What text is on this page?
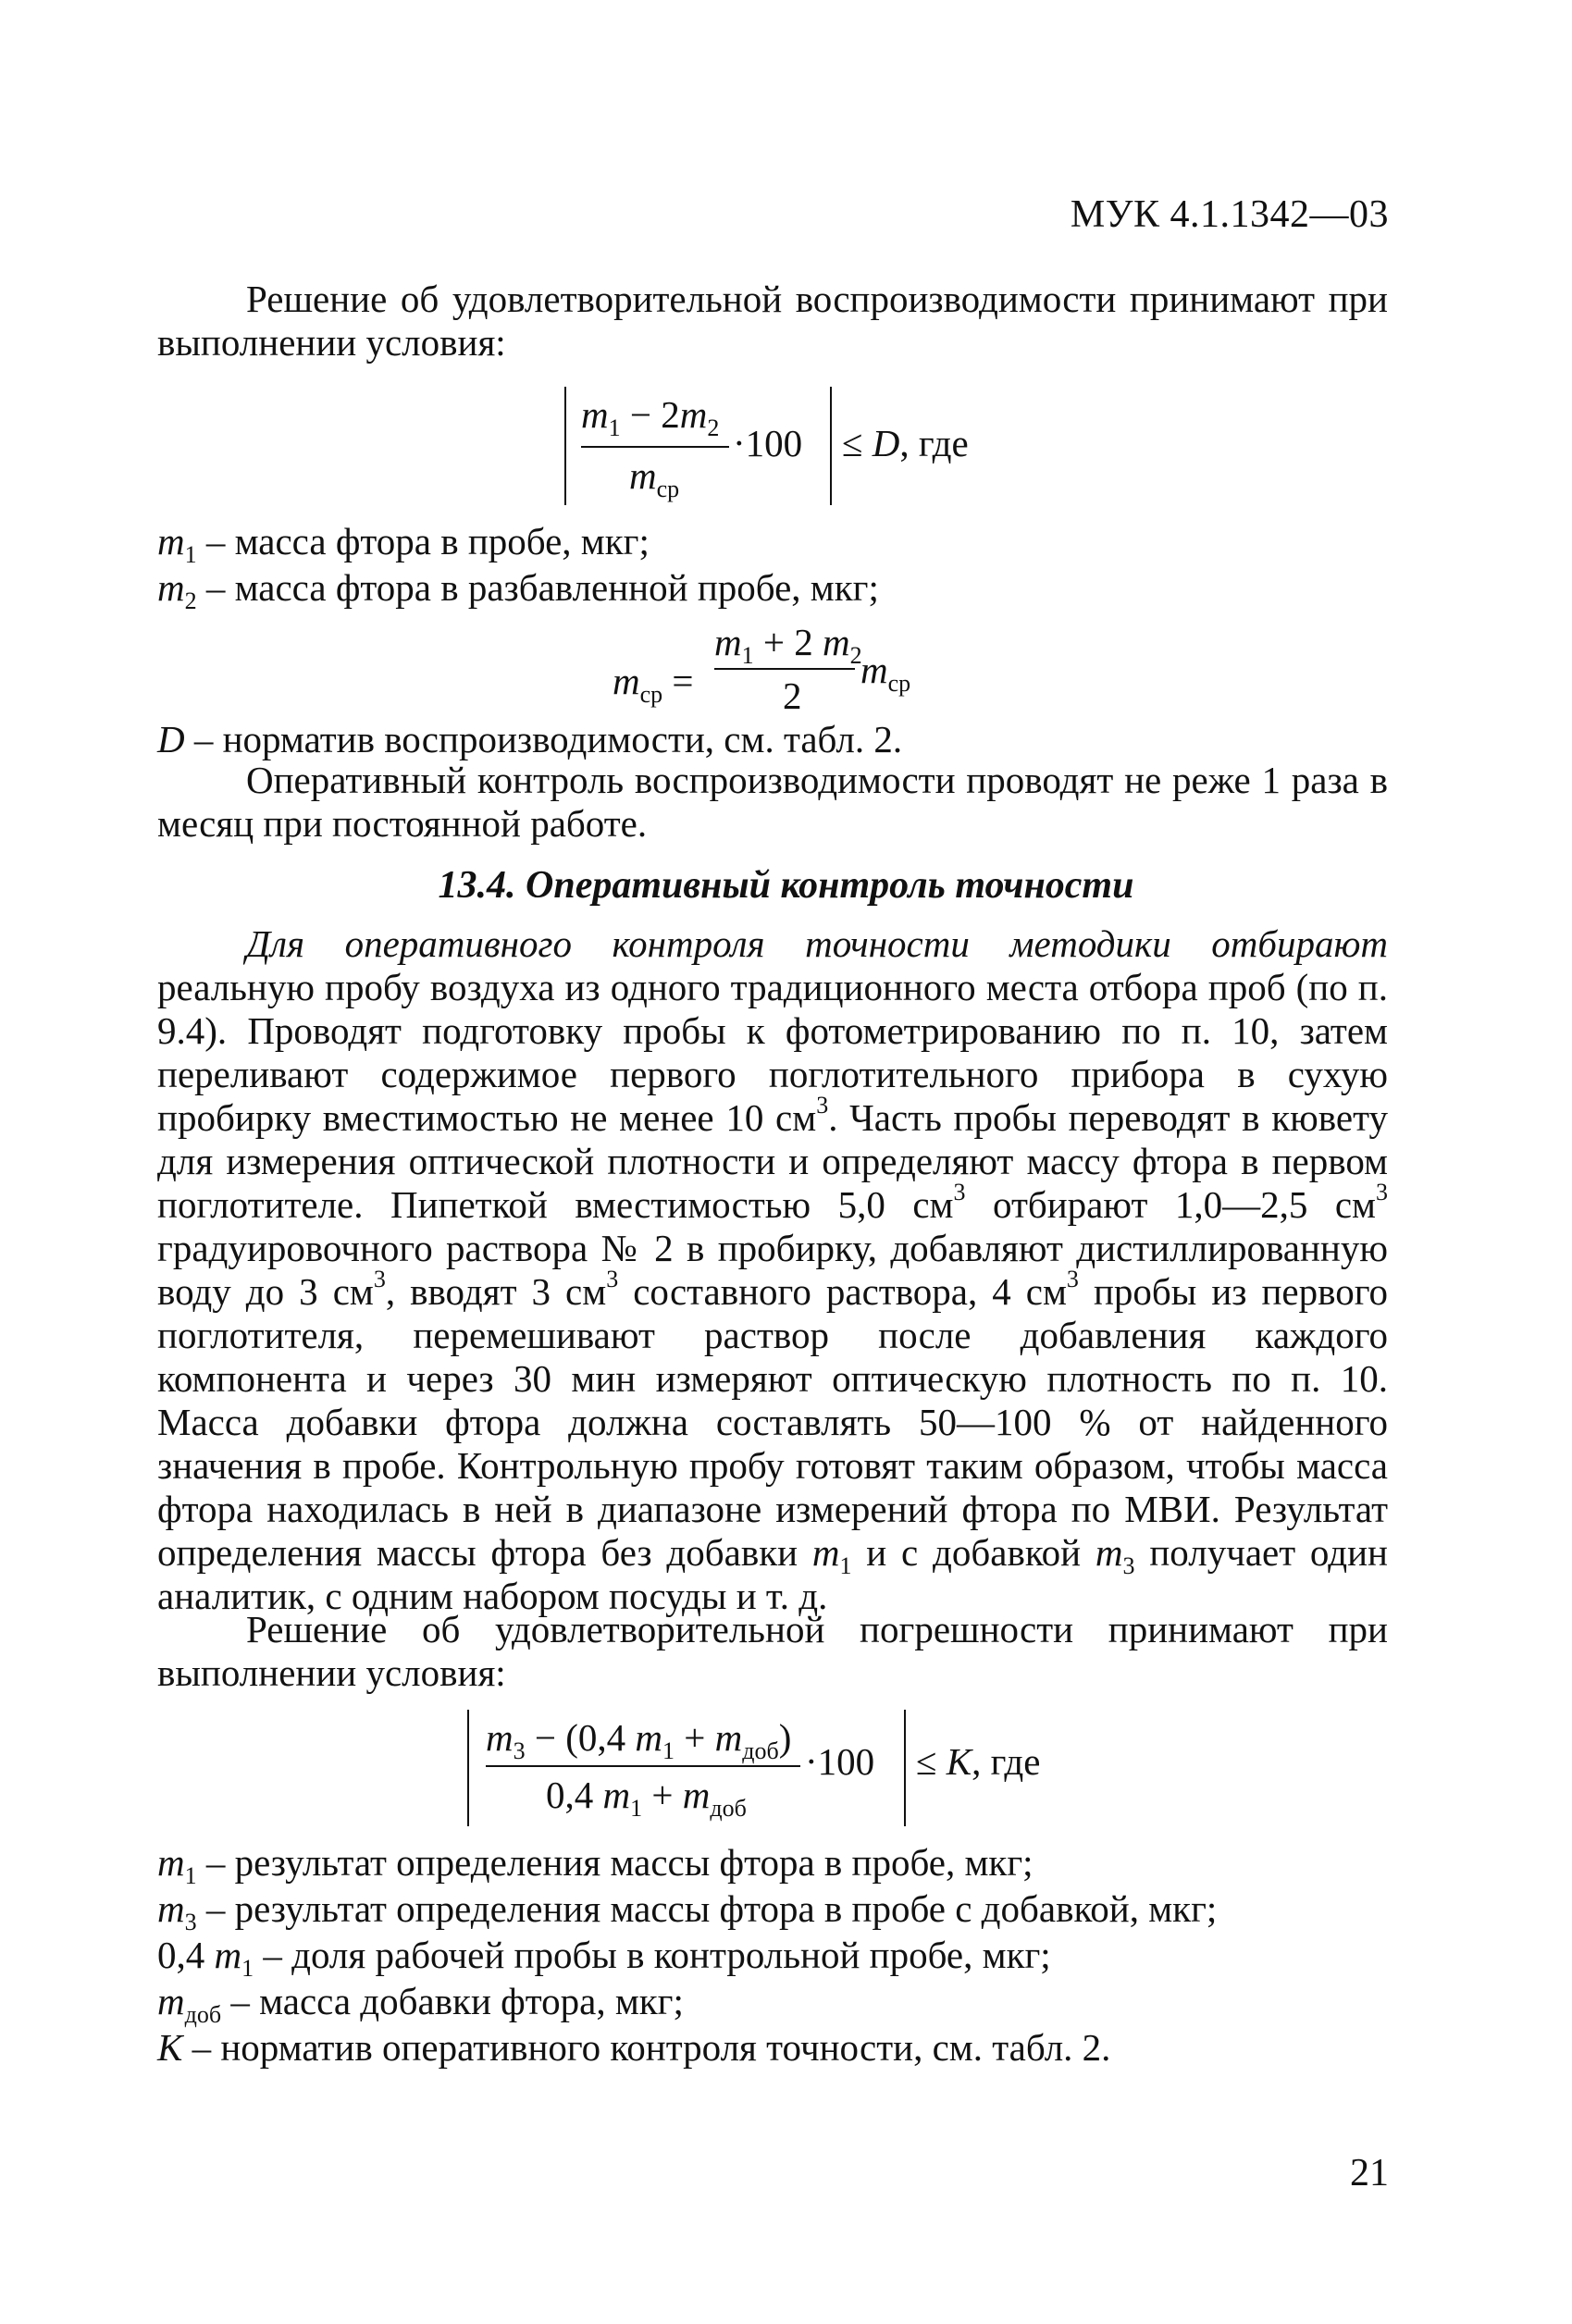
МУК 4.1.1342—03

Решение об удовлетворительной воспроизводимости принимают при выполнении условия:

$m_1 - 2m_2 \cdot 100$
$m_{ср}$
≤ D, где
$m_1$ – масса фтора в пробе, мкг;
$m_2$ – масса фтора в разбавленной пробе, мкг;
$m_{ср}$ =
$m_1 + 2$ $m_2$
2
$m_{ср}$
D – норматив воспроизводимости, см. табл. 2.

Оперативный контроль воспроизводимости проводят не реже 1 раза в месяц при постоянной работе.

13.4. Оперативный контроль точности

Для оперативного контроля точности методики отбирают реальную пробу воздуха из одного традиционного места отбора проб (по п. 9.4). Проводят подготовку пробы к фотометрированию по п. 10, затем переливают содержимое первого поглотительного прибора в сухую пробирку вместимостью не менее 10 $см^3$. Часть пробы переводят в кювету для измерения оптической плотности и определяют массу фтора в первом поглотителе. Пипеткой вместимостью 5,0 $см^3$ отбирают 1,0—2,5 $см^3$ градуировочного раствора № 2 в пробирку, добавляют дистиллированную воду до 3 $см^3$, вводят 3 $см^3$ составного раствора, 4 $см^3$ пробы из первого поглотителя, перемешивают раствор после добавления каждого компонента и через 30 мин измеряют оптическую плотность по п. 10. Масса добавки фтора должна составлять 50—100 % от найденного значения в пробе. Контрольную пробу готовят таким образом, чтобы масса фтора находилась в ней в диапазоне измерений фтора по МВИ. Результат определения массы фтора без добавки $m_1$ и с добавкой $m_3$ получает один аналитик, с одним набором посуды и т. д.

Решение об удовлетворительной погрешности принимают при выполнении условия:

$m_3 - (0,4$ $m_1 + m_{доб}$)
·100
0,4 $m_1 + m_{доб}$
≤ K, где
$m_1$ – результат определения массы фтора в пробе, мкг;
$m_3$ – результат определения массы фтора в пробе с добавкой, мкг;
0,4 $m_1$ – доля рабочей пробы в контрольной пробе, мкг;
$m_{доб}$ – масса добавки фтора, мкг;
K – норматив оперативного контроля точности, см. табл. 2.
21
